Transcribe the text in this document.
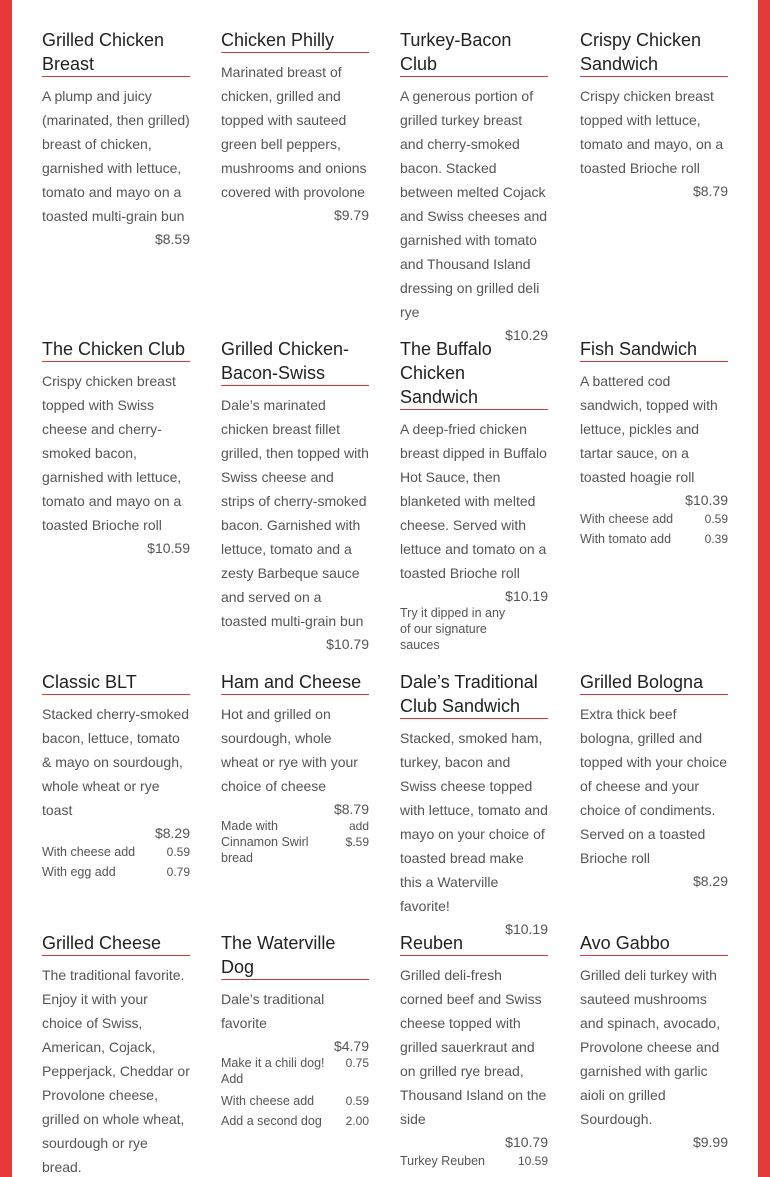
Grilled Chicken Breast
A plump and juicy (marinated, then grilled) breast of chicken, garnished with lettuce, tomato and mayo on a toasted multi-grain bun
$8.59
Chicken Philly
Marinated breast of chicken, grilled and topped with sauteed green bell peppers, mushrooms and onions covered with provolone
$9.79
Turkey-Bacon Club
A generous portion of grilled turkey breast and cherry-smoked bacon. Stacked between melted Cojack and Swiss cheeses and garnished with tomato and Thousand Island dressing on grilled deli rye
$10.29
Crispy Chicken Sandwich
Crispy chicken breast topped with lettuce, tomato and mayo, on a toasted Brioche roll
$8.79
The Chicken Club
Crispy chicken breast topped with Swiss cheese and cherry-smoked bacon, garnished with lettuce, tomato and mayo on a toasted Brioche roll
$10.59
Grilled Chicken-Bacon-Swiss
Dale’s marinated chicken breast fillet grilled, then topped with Swiss cheese and strips of cherry-smoked bacon. Garnished with lettuce, tomato and a zesty Barbeque sauce and served on a toasted multi-grain bun
$10.79
The Buffalo Chicken Sandwich
A deep-fried chicken breast dipped in Buffalo Hot Sauce, then blanketed with melted cheese. Served with lettuce and tomato on a toasted Brioche roll
$10.19
Try it dipped in any of our signature sauces
Fish Sandwich
A battered cod sandwich, topped with lettuce, pickles and tartar sauce, on a toasted hoagie roll
$10.39
With cheese add	0.59
With tomato add	0.39
Classic BLT
Stacked cherry-smoked bacon, lettuce, tomato & mayo on sourdough, whole wheat or rye toast
$8.29
With cheese add	0.59
With egg add	0.79
Ham and Cheese
Hot and grilled on sourdough, whole wheat or rye with your choice of cheese
$8.79
Made with Cinnamon Swirl bread
add $.59
Dale’s Traditional Club Sandwich
Stacked, smoked ham, turkey, bacon and Swiss cheese topped with lettuce, tomato and mayo on your choice of toasted bread make this a Waterville favorite!
$10.19
Grilled Bologna
Extra thick beef bologna, grilled and topped with your choice of cheese and your choice of condiments. Served on a toasted Brioche roll
$8.29
Grilled Cheese
The traditional favorite. Enjoy it with your choice of Swiss, American, Cojack, Pepperjack, Cheddar or Provolone cheese, grilled on whole wheat, sourdough or rye bread.
The Waterville Dog
Dale’s traditional favorite
$4.79
Make it a chili dog! Add
0.75
With cheese add	0.59
Add a second dog 2.00
Reuben
Grilled deli-fresh corned beef and Swiss cheese topped with grilled sauerkraut and on grilled rye bread, Thousand Island on the side
$10.79
Turkey Reuben	10.59
Avo Gabbo
Grilled deli turkey with sauteed mushrooms and spinach, avocado, Provolone cheese and garnished with garlic aioli on grilled Sourdough.
$9.99
